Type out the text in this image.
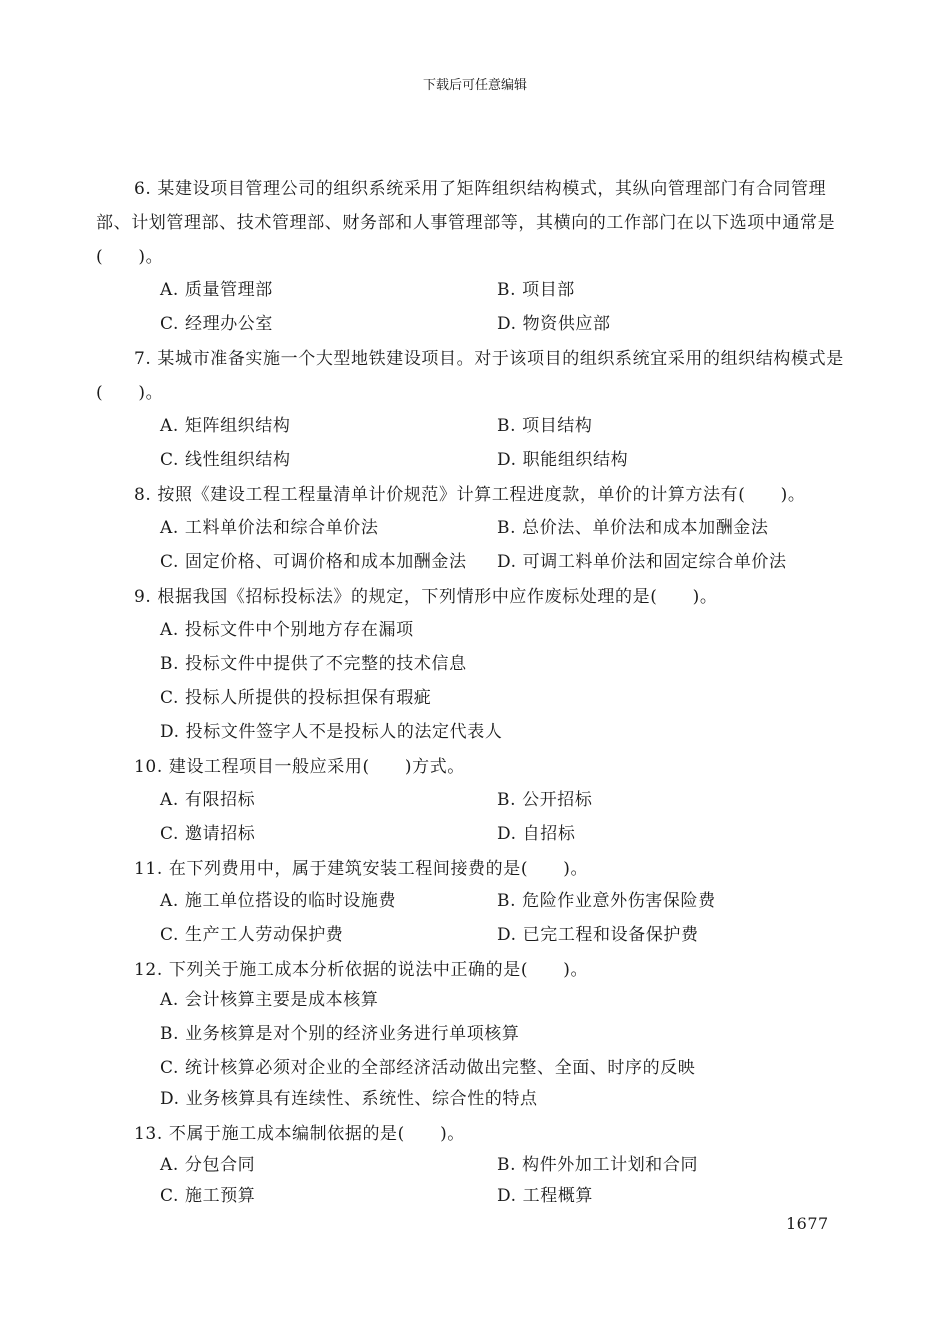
下载后可任意编辑

6. 某建设项目管理公司的组织系统采用了矩阵组织结构模式，其纵向管理部门有合同管理部、计划管理部、技术管理部、财务部和人事管理部等，其横向的工作部门在以下选项中通常是(　　)。

A. 质量管理部	B. 项目部
C. 经理办公室	D. 物资供应部

7. 某城市准备实施一个大型地铁建设项目。对于该项目的组织系统宜采用的组织结构模式是(　　)。

A. 矩阵组织结构	B. 项目结构
C. 线性组织结构	D. 职能组织结构

8. 按照《建设工程工程量清单计价规范》计算工程进度款，单价的计算方法有(　　)。

A. 工料单价法和综合单价法	B. 总价法、单价法和成本加酬金法
C. 固定价格、可调价格和成本加酬金法 D. 可调工料单价法和固定综合单价法

9. 根据我国《招标投标法》的规定，下列情形中应作废标处理的是(　　)。

A. 投标文件中个别地方存在漏项
B. 投标文件中提供了不完整的技术信息
C. 投标人所提供的投标担保有瑕疵
D. 投标文件签字人不是投标人的法定代表人

10. 建设工程项目一般应采用(　　)方式。

A. 有限招标	B. 公开招标
C. 邀请招标	D. 自招标

11. 在下列费用中，属于建筑安装工程间接费的是(　　)。

A. 施工单位搭设的临时设施费	B. 危险作业意外伤害保险费
C. 生产工人劳动保护费	D. 已完工程和设备保护费

12. 下列关于施工成本分析依据的说法中正确的是(　　)。

A. 会计核算主要是成本核算
B. 业务核算是对个别的经济业务进行单项核算
C. 统计核算必须对企业的全部经济活动做出完整、全面、时序的反映
D. 业务核算具有连续性、系统性、综合性的特点

13. 不属于施工成本编制依据的是(　　)。

A. 分包合同	B. 构件外加工计划和合同
C. 施工预算	D. 工程概算
1677
